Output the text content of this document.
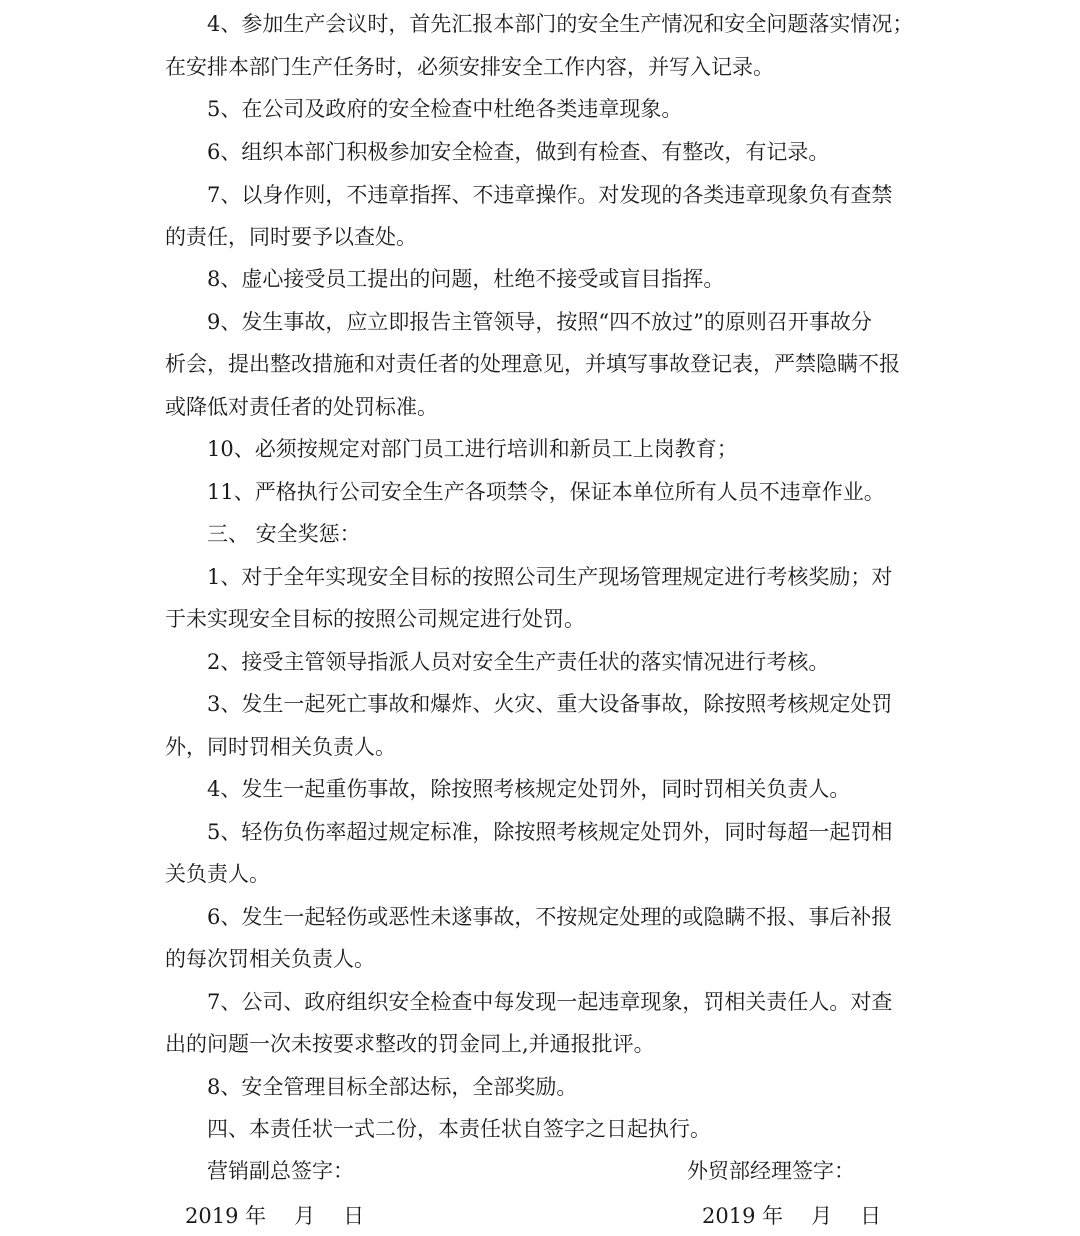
4、参加生产会议时，首先汇报本部门的安全生产情况和安全问题落实情况；
在安排本部门生产任务时，必须安排安全工作内容，并写入记录。
5、在公司及政府的安全检查中杜绝各类违章现象。
6、组织本部门积极参加安全检查，做到有检查、有整改，有记录。
7、以身作则，不违章指挥、不违章操作。对发现的各类违章现象负有查禁
的责任，同时要予以查处。
8、虚心接受员工提出的问题，杜绝不接受或盲目指挥。
9、发生事故，应立即报告主管领导，按照“四不放过”的原则召开事故分
析会，提出整改措施和对责任者的处理意见，并填写事故登记表，严禁隐瞒不报
或降低对责任者的处罚标准。
10、必须按规定对部门员工进行培训和新员工上岗教育；
11、严格执行公司安全生产各项禁令，保证本单位所有人员不违章作业。
三、 安全奖惩：
1、对于全年实现安全目标的按照公司生产现场管理规定进行考核奖励；对
于未实现安全目标的按照公司规定进行处罚。
2、接受主管领导指派人员对安全生产责任状的落实情况进行考核。
3、发生一起死亡事故和爆炸、火灾、重大设备事故，除按照考核规定处罚
外，同时罚相关负责人。
4、发生一起重伤事故，除按照考核规定处罚外，同时罚相关负责人。
5、轻伤负伤率超过规定标准，除按照考核规定处罚外，同时每超一起罚相
关负责人。
6、发生一起轻伤或恶性未遂事故，不按规定处理的或隐瞒不报、事后补报
的每次罚相关负责人。
7、公司、政府组织安全检查中每发现一起违章现象，罚相关责任人。对查
出的问题一次未按要求整改的罚金同上,并通报批评。
8、安全管理目标全部达标，全部奖励。
四、本责任状一式二份，本责任状自签字之日起执行。
营销副总签字：	外贸部经理签字：
2019 年 月 日	2019 年 月 日
